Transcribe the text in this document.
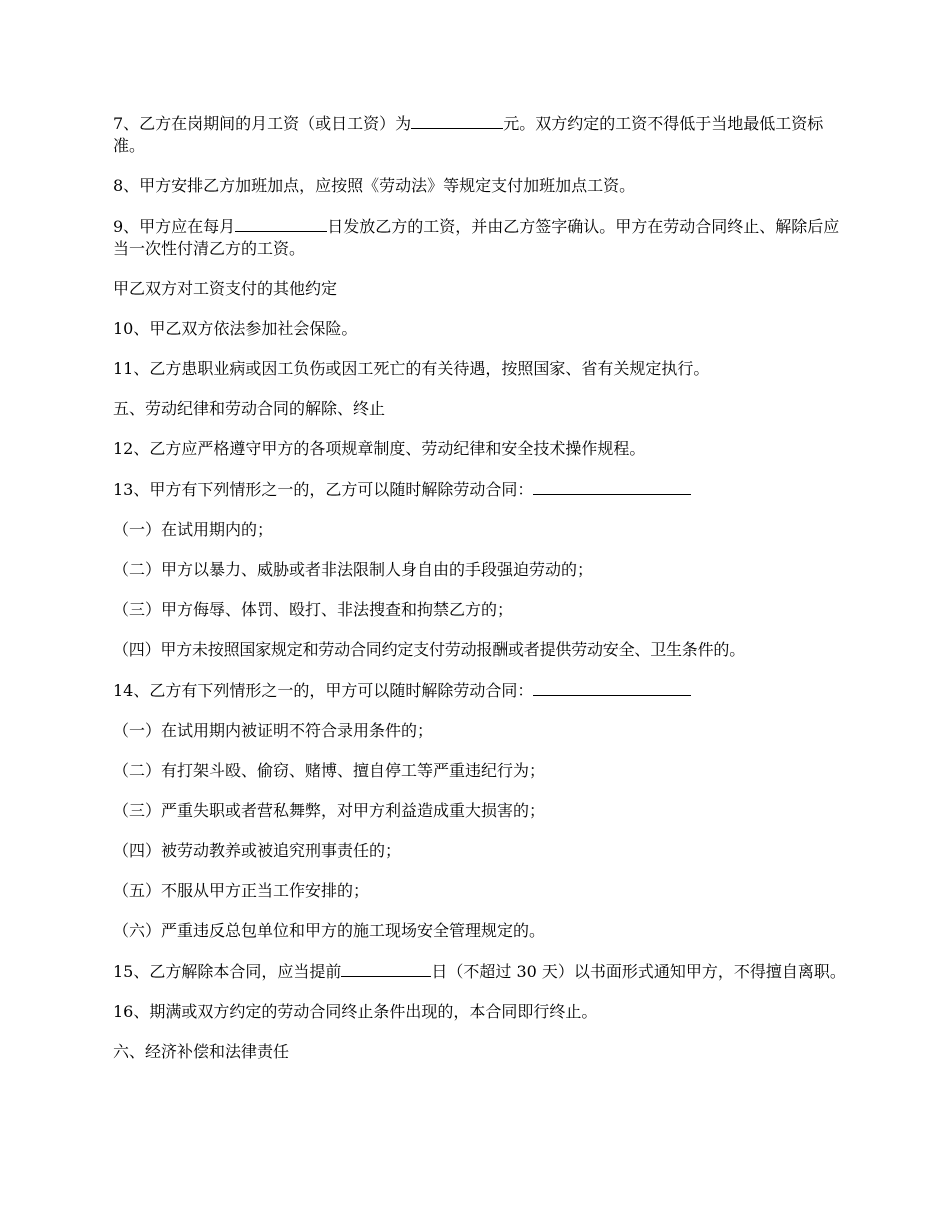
7、乙方在岗期间的月工资（或日工资）为	元。双方约定的工资不得低于当地最低工资标准。

8、甲方安排乙方加班加点，应按照《劳动法》等规定支付加班加点工资。

9、甲方应在每月	日发放乙方的工资，并由乙方签字确认。甲方在劳动合同终止、解除后应当一次性付清乙方的工资。

甲乙双方对工资支付的其他约定

10、甲乙双方依法参加社会保险。

11、乙方患职业病或因工负伤或因工死亡的有关待遇，按照国家、省有关规定执行。

五、劳动纪律和劳动合同的解除、终止

12、乙方应严格遵守甲方的各项规章制度、劳动纪律和安全技术操作规程。

13、甲方有下列情形之一的，乙方可以随时解除劳动合同：

（一）在试用期内的；

（二）甲方以暴力、威胁或者非法限制人身自由的手段强迫劳动的；

（三）甲方侮辱、体罚、殴打、非法搜查和拘禁乙方的；

（四）甲方未按照国家规定和劳动合同约定支付劳动报酬或者提供劳动安全、卫生条件的。

14、乙方有下列情形之一的，甲方可以随时解除劳动合同：

（一）在试用期内被证明不符合录用条件的；

（二）有打架斗殴、偷窃、赌博、擅自停工等严重违纪行为；

（三）严重失职或者营私舞弊，对甲方利益造成重大损害的；

（四）被劳动教养或被追究刑事责任的；

（五）不服从甲方正当工作安排的；

（六）严重违反总包单位和甲方的施工现场安全管理规定的。

15、乙方解除本合同，应当提前	日（不超过 30 天）以书面形式通知甲方，不得擅自离职。

16、期满或双方约定的劳动合同终止条件出现的，本合同即行终止。

六、经济补偿和法律责任
